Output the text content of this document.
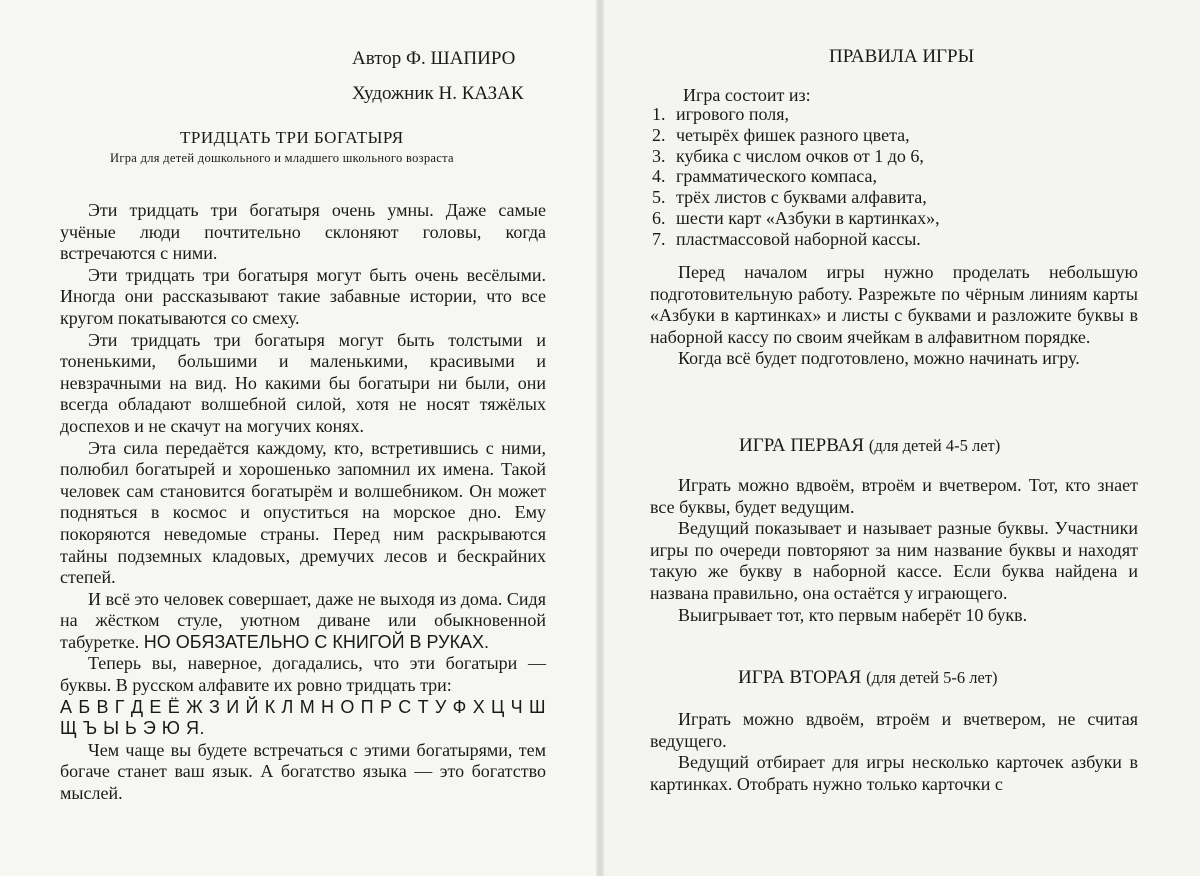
Автор Ф. ШАПИРО
Художник Н. КАЗАК
ТРИДЦАТЬ ТРИ БОГАТЫРЯ
Игра для детей дошкольного и младшего школьного возраста

Эти тридцать три богатыря очень умны. Даже самые учёные люди почтительно склоняют головы, когда встречаются с ними.

Эти тридцать три богатыря могут быть очень весёлыми. Иногда они рассказывают такие забавные истории, что все кругом покатываются со смеху.

Эти тридцать три богатыря могут быть толстыми и тоненькими, большими и маленькими, красивыми и невзрачными на вид. Но какими бы богатыри ни были, они всегда обладают волшебной силой, хотя не носят тяжёлых доспехов и не скачут на могучих конях.

Эта сила передаётся каждому, кто, встретившись с ними, полюбил богатырей и хорошенько запомнил их имена. Такой человек сам становится богатырём и волшебником. Он может подняться в космос и опуститься на морское дно. Ему покоряются неведомые страны. Перед ним раскрываются тайны подземных кладовых, дремучих лесов и бескрайних степей.

И всё это человек совершает, даже не выходя из дома. Сидя на жёстком стуле, уютном диване или обыкновенной табуретке. НО ОБЯЗАТЕЛЬНО С КНИГОЙ В РУКАХ.

Теперь вы, наверное, догадались, что эти богатыри — буквы. В русском алфавите их ровно тридцать три:

А Б В Г Д Е Ё Ж З И Й К Л М Н О П Р С Т У Ф Х Ц Ч Ш Щ Ъ Ы Ь Э Ю Я.

Чем чаще вы будете встречаться с этими богатырями, тем богаче станет ваш язык. А богатство языка — это богатство мыслей.

ПРАВИЛА ИГРЫ
Игра состоит из:
1. игрового поля,
2. четырёх фишек разного цвета,
3. кубика с числом очков от 1 до 6,
4. грамматического компаса,
5. трёх листов с буквами алфавита,
6. шести карт «Азбуки в картинках»,
7. пластмассовой наборной кассы.

Перед началом игры нужно проделать небольшую подготовительную работу. Разрежьте по чёрным линиям карты «Азбуки в картинках» и листы с буквами и разложите буквы в наборной кассу по своим ячейкам в алфавитном порядке.

Когда всё будет подготовлено, можно начинать игру.

ИГРА ПЕРВАЯ (для детей 4-5 лет)

Играть можно вдвоём, втроём и вчетвером. Тот, кто знает все буквы, будет ведущим.

Ведущий показывает и называет разные буквы. Участники игры по очереди повторяют за ним название буквы и находят такую же букву в наборной кассе. Если буква найдена и названа правильно, она остаётся у играющего.

Выигрывает тот, кто первым наберёт 10 букв.

ИГРА ВТОРАЯ (для детей 5-6 лет)

Играть можно вдвоём, втроём и вчетвером, не считая ведущего.

Ведущий отбирает для игры несколько карточек азбуки в картинках. Отобрать нужно только карточки с
